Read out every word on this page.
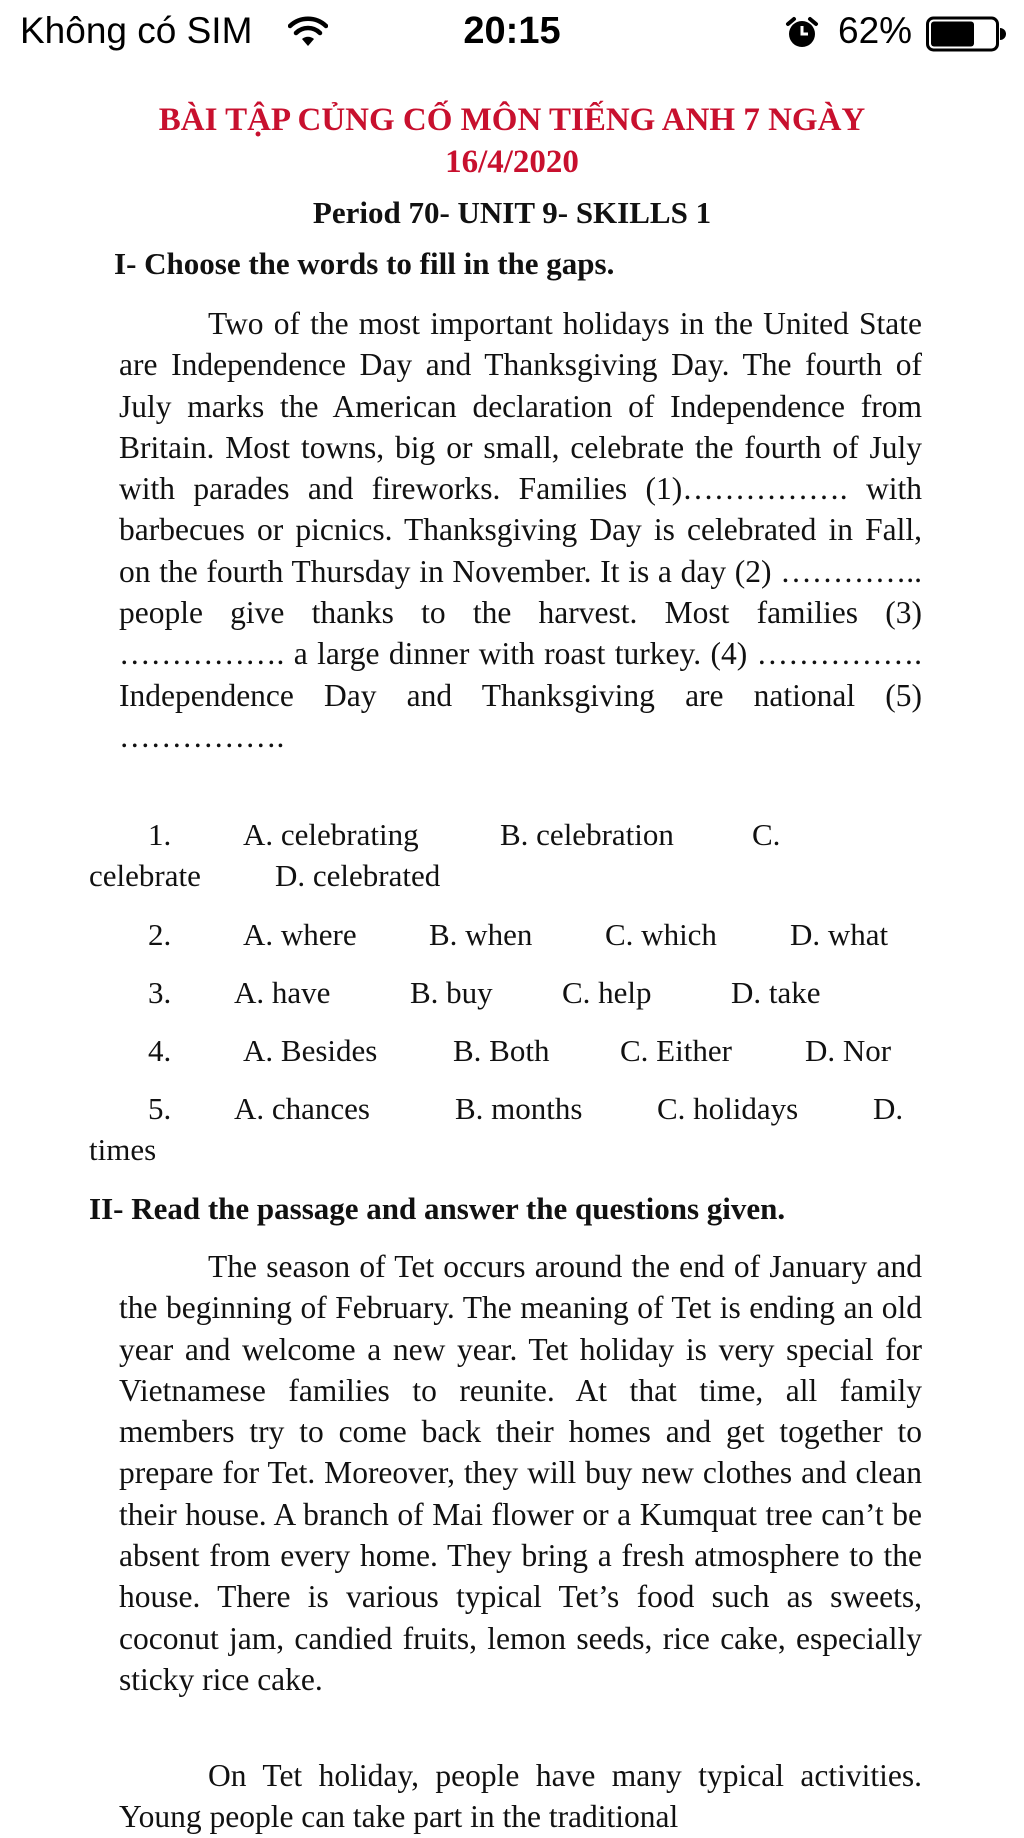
Không có SIM	20:15	62%
BÀI TẬP CỦNG CỐ MÔN TIẾNG ANH 7 NGÀY
16/4/2020
Period 70- UNIT 9- SKILLS 1
I- Choose the words to fill in the gaps.
Two of the most important holidays in the United State are Independence Day and Thanksgiving Day. The fourth of July marks the American declaration of Independence from Britain. Most towns, big or small, celebrate the fourth of July with parades and fireworks. Families (1)……………. with barbecues or picnics. Thanksgiving Day is celebrated in Fall, on the fourth Thursday in November. It is a day (2) ………….. people give thanks to the harvest. Most families (3) ……………. a large dinner with roast turkey. (4) ……………. Independence Day and Thanksgiving are national (5) …………….
1. A. celebrating	B. celebration	C.
celebrate D. celebrated
2. A. where B. when C. which D. what
3. A. have	B. buy C. help	D. take
4. A. Besides B. Both C. Either D. Nor
5. A. chances	B. months C. holidays D.
times
II- Read the passage and answer the questions given.
The season of Tet occurs around the end of January and the beginning of February. The meaning of Tet is ending an old year and welcome a new year. Tet holiday is very special for Vietnamese families to reunite. At that time, all family members try to come back their homes and get together to prepare for Tet. Moreover, they will buy new clothes and clean their house. A branch of Mai flower or a Kumquat tree can’t be absent from every home. They bring a fresh atmosphere to the house. There is various typical Tet’s food such as sweets, coconut jam, candied fruits, lemon seeds, rice cake, especially sticky rice cake.
On Tet holiday, people have many typical activities. Young people can take part in the traditional
